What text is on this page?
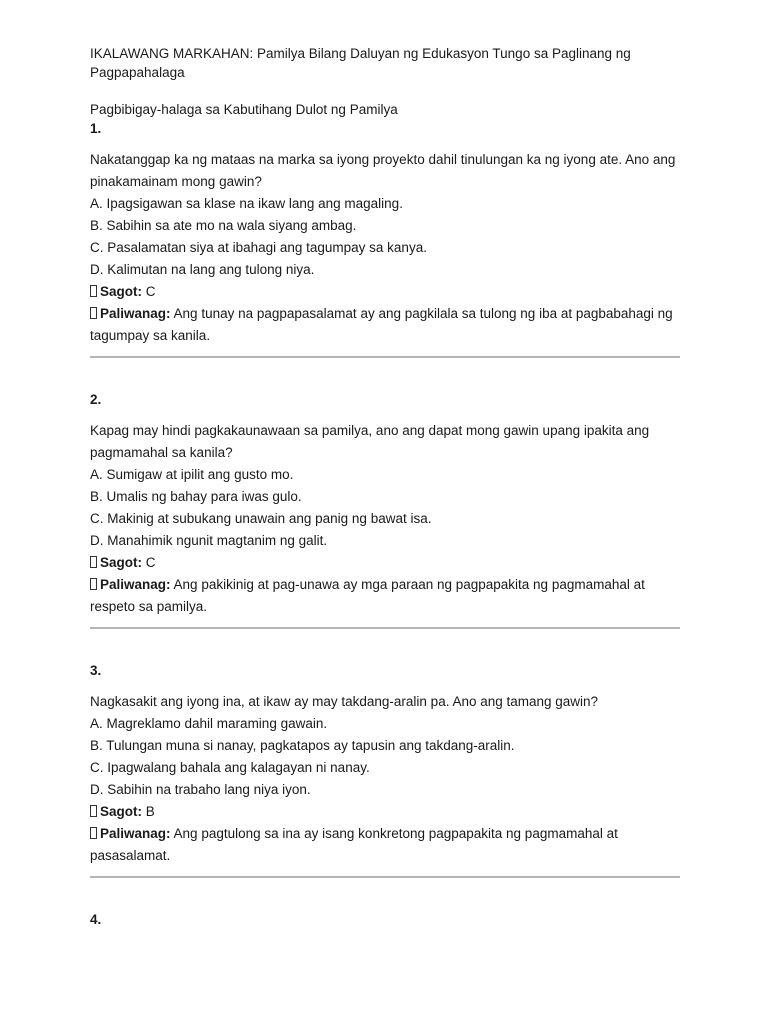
IKALAWANG MARKAHAN: Pamilya Bilang Daluyan ng Edukasyon Tungo sa Paglinang ng Pagpapahalaga

Pagbibigay-halaga sa Kabutihang Dulot ng Pamilya

1.

Nakatanggap ka ng mataas na marka sa iyong proyekto dahil tinulungan ka ng iyong ate. Ano ang pinakamainam mong gawin?

A. Ipagsigawan sa klase na ikaw lang ang magaling.
B. Sabihin sa ate mo na wala siyang ambag.
C. Pasalamatan siya at ibahagi ang tagumpay sa kanya.
D. Kalimutan na lang ang tulong niya.

Sagot: C

Paliwanag: Ang tunay na pagpapasalamat ay ang pagkilala sa tulong ng iba at pagbabahagi ng tagumpay sa kanila.

2.

Kapag may hindi pagkakaunawaan sa pamilya, ano ang dapat mong gawin upang ipakita ang pagmamahal sa kanila?

A. Sumigaw at ipilit ang gusto mo.
B. Umalis ng bahay para iwas gulo.
C. Makinig at subukang unawain ang panig ng bawat isa.
D. Manahimik ngunit magtanim ng galit.

Sagot: C

Paliwanag: Ang pakikinig at pag-unawa ay mga paraan ng pagpapakita ng pagmamahal at respeto sa pamilya.

3.

Nagkasakit ang iyong ina, at ikaw ay may takdang-aralin pa. Ano ang tamang gawin?

A. Magreklamo dahil maraming gawain.
B. Tulungan muna si nanay, pagkatapos ay tapusin ang takdang-aralin.
C. Ipagwalang bahala ang kalagayan ni nanay.
D. Sabihin na trabaho lang niya iyon.

Sagot: B

Paliwanag: Ang pagtulong sa ina ay isang konkretong pagpapakita ng pagmamahal at pasasalamat.

4.
